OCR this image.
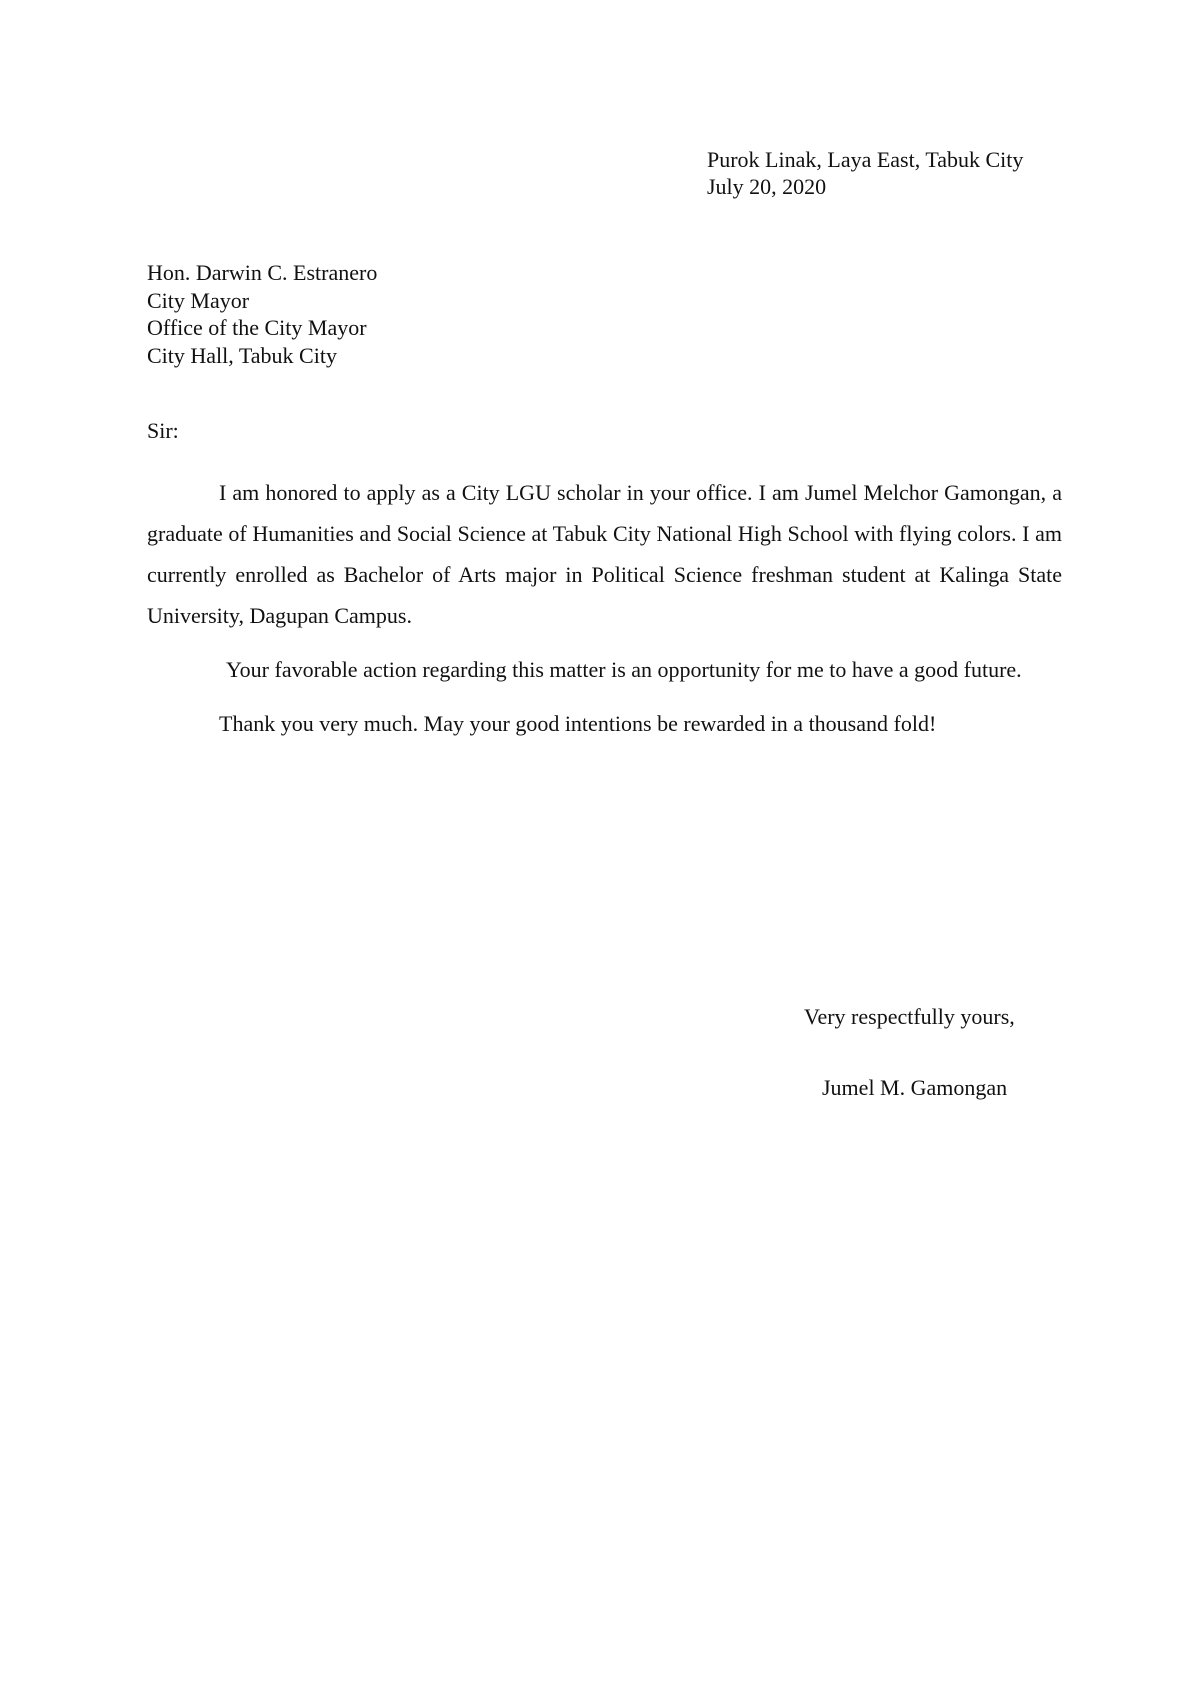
Purok Linak, Laya East, Tabuk City
July 20, 2020
Hon. Darwin C. Estranero
City Mayor
Office of the City Mayor
City Hall, Tabuk City
Sir:

I am honored to apply as a City LGU scholar in your office. I am Jumel Melchor Gamongan, a graduate of Humanities and Social Science at Tabuk City National High School with flying colors. I am currently enrolled as Bachelor of Arts major in Political Science freshman student at Kalinga State University, Dagupan Campus.

Your favorable action regarding this matter is an opportunity for me to have a good future.

Thank you very much. May your good intentions be rewarded in a thousand fold!

Very respectfully yours,
Jumel M. Gamongan
